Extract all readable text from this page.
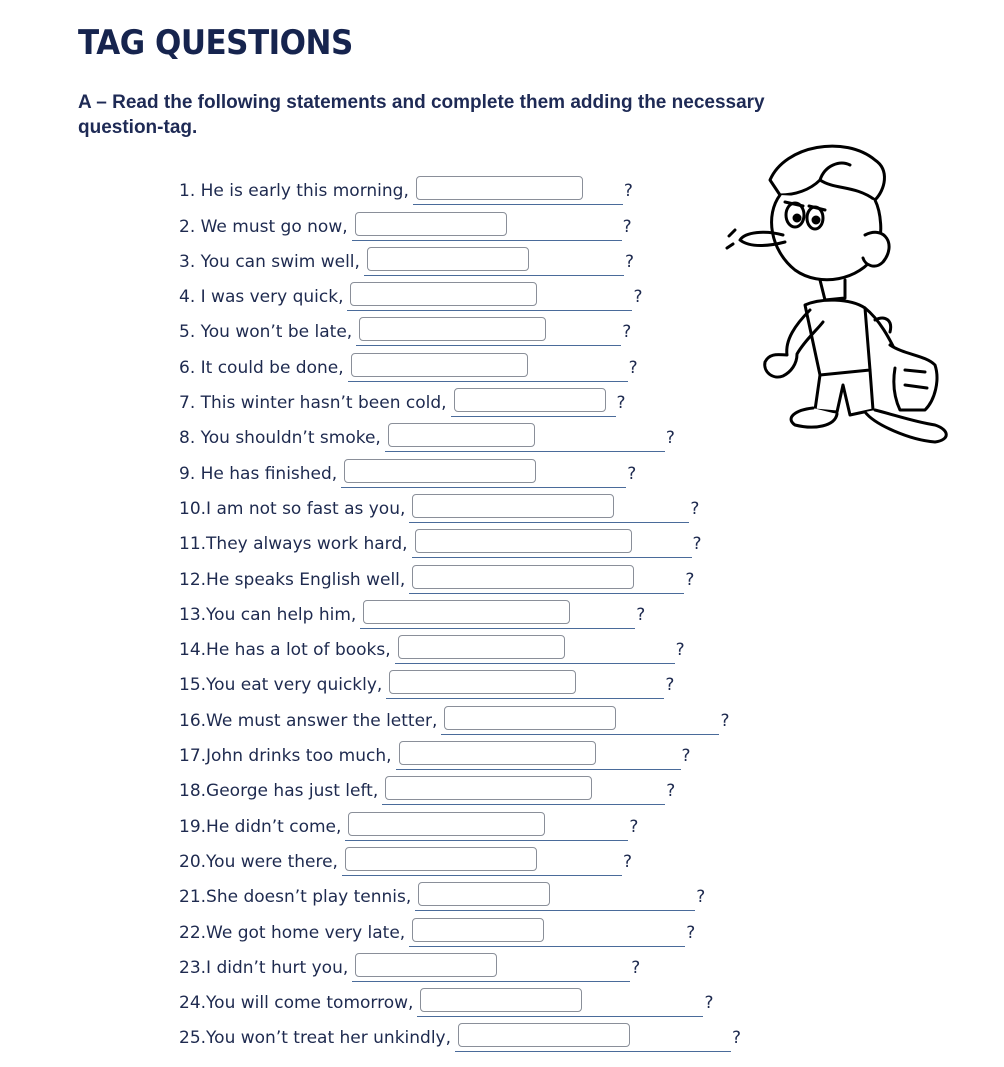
TAG QUESTIONS
A – Read the following statements and complete them adding the necessary question-tag.
1. He is early this morning,	?
2. We must go now,	?
3. You can swim well,	?
4. I was very quick,	?
5. You won’t be late,	?
6. It could be done,	?
7. This winter hasn’t been cold,	?
8. You shouldn’t smoke,	?
9. He has finished,	?
10.I am not so fast as you,	?
11.They always work hard,	?
12.He speaks English well,	?
13.You can help him,	?
14.He has a lot of books,	?
15.You eat very quickly,	?
16.We must answer the letter,	?
17.John drinks too much,	?
18.George has just left,	?
19.He didn’t come,	?
20.You were there,	?
21.She doesn’t play tennis,	?
22.We got home very late,	?
23.I didn’t hurt you,	?
24.You will come tomorrow,	?
25.You won’t treat her unkindly,	?
